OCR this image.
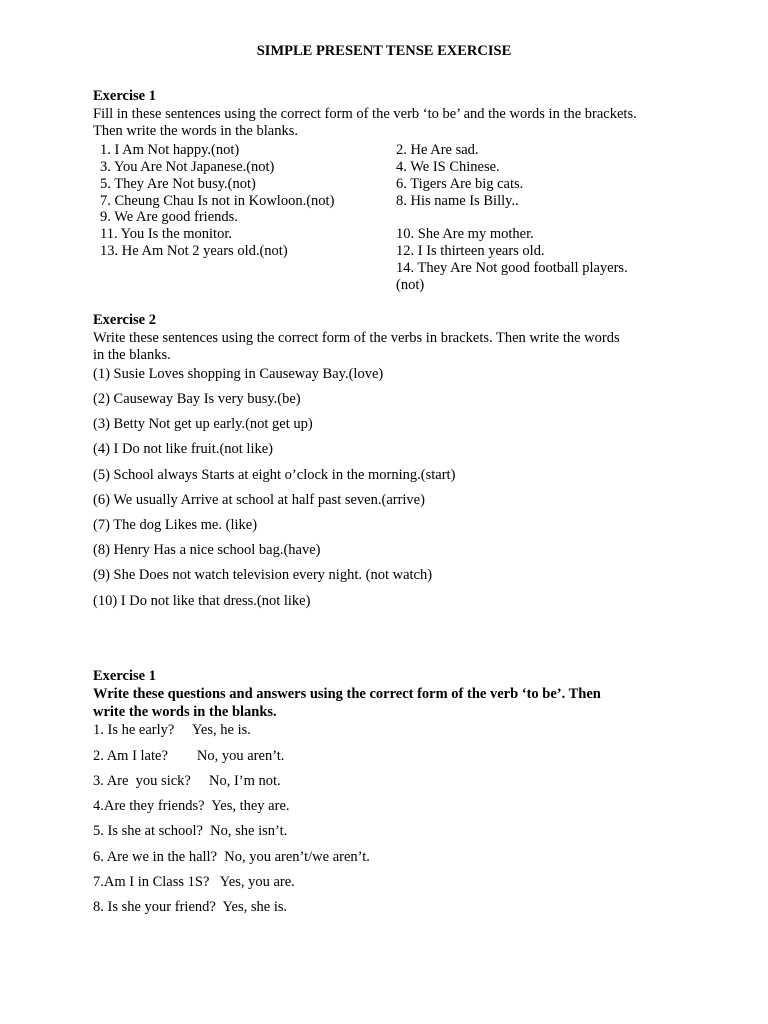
SIMPLE PRESENT TENSE EXERCISE
Exercise 1
Fill in these sentences using the correct form of the verb ‘to be’ and the words in the brackets.
Then write the words in the blanks.
1. I Am Not happy.(not)	2. He Are sad.
3. You Are Not Japanese.(not)	4. We IS Chinese.
5. They Are Not busy.(not)	6. Tigers Are big cats.
7. Cheung Chau Is not in Kowloon.(not)	8. His name Is Billy..
9. We Are good friends.
11. You Is the monitor.	10. She Are my mother.
13. He Am Not 2 years old.(not)	12. I Is thirteen years old.
14. They Are Not good football players.
(not)
Exercise 2
Write these sentences using the correct form of the verbs in brackets. Then write the words
in the blanks.
(1) Susie Loves shopping in Causeway Bay.(love)
(2) Causeway Bay Is very busy.(be)
(3) Betty Not get up early.(not get up)
(4) I Do not like fruit.(not like)
(5) School always Starts at eight o’clock in the morning.(start)
(6) We usually Arrive at school at half past seven.(arrive)
(7) The dog Likes me. (like)
(8) Henry Has a nice school bag.(have)
(9) She Does not watch television every night. (not watch)
(10) I Do not like that dress.(not like)
Exercise 1
Write these questions and answers using the correct form of the verb ‘to be’. Then
write the words in the blanks.
1. Is he early?     Yes, he is.
2. Am I late?        No, you aren’t.
3. Are  you sick?     No, I’m not.
4.Are they friends?  Yes, they are.
5. Is she at school?  No, she isn’t.
6. Are we in the hall?  No, you aren’t/we aren’t.
7.Am I in Class 1S?   Yes, you are.
8. Is she your friend?  Yes, she is.
